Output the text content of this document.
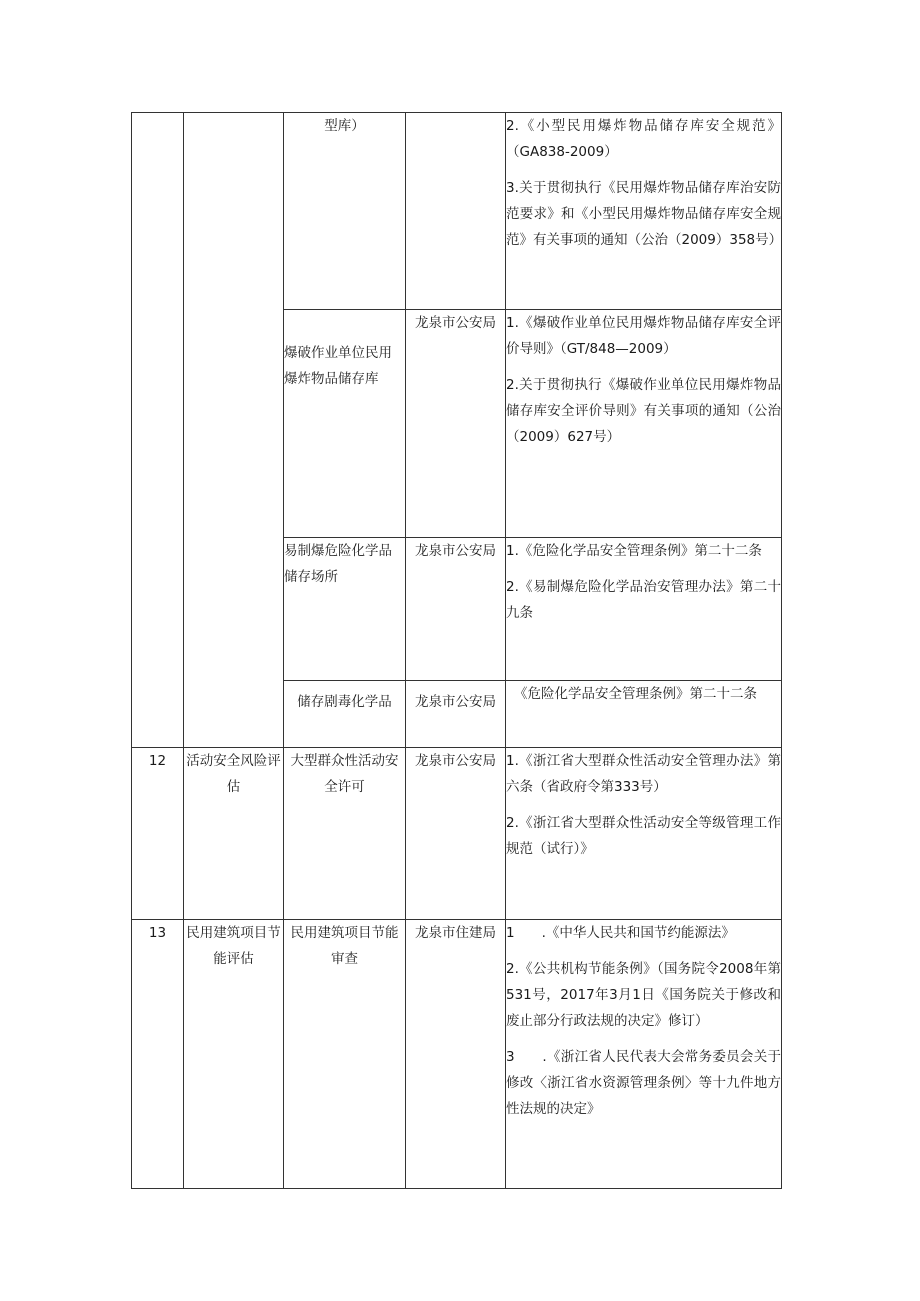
		型库）		2.《小型民用爆炸物品储存库安全规范》（GA838-2009）
3.关于贯彻执行《民用爆炸物品储存库治安防范要求》和《小型民用爆炸物品储存库安全规范》有关事项的通知（公治（2009）358号）

		爆破作业单位民用爆炸物品储存库	龙泉市公安局	1.《爆破作业单位民用爆炸物品储存库安全评价导则》（GT/848—2009）
2.关于贯彻执行《爆破作业单位民用爆炸物品储存库安全评价导则》有关事项的通知（公治（2009）627号）

		易制爆危险化学品储存场所	龙泉市公安局	1.《危险化学品安全管理条例》第二十二条
2.《易制爆危险化学品治安管理办法》第二十九条

		储存剧毒化学品	龙泉市公安局	《危险化学品安全管理条例》第二十二条

12	活动安全风险评估	大型群众性活动安全许可	龙泉市公安局	1.《浙江省大型群众性活动安全管理办法》第六条（省政府令第333号）
2.《浙江省大型群众性活动安全等级管理工作规范（试行）》

13	民用建筑项目节能评估	民用建筑项目节能审查	龙泉市住建局	1　　.《中华人民共和国节约能源法》
2.《公共机构节能条例》（国务院令2008年第531号，2017年3月1日《国务院关于修改和废止部分行政法规的决定》修订）
3　　.《浙江省人民代表大会常务委员会关于修改〈浙江省水资源管理条例〉等十九件地方性法规的决定》
